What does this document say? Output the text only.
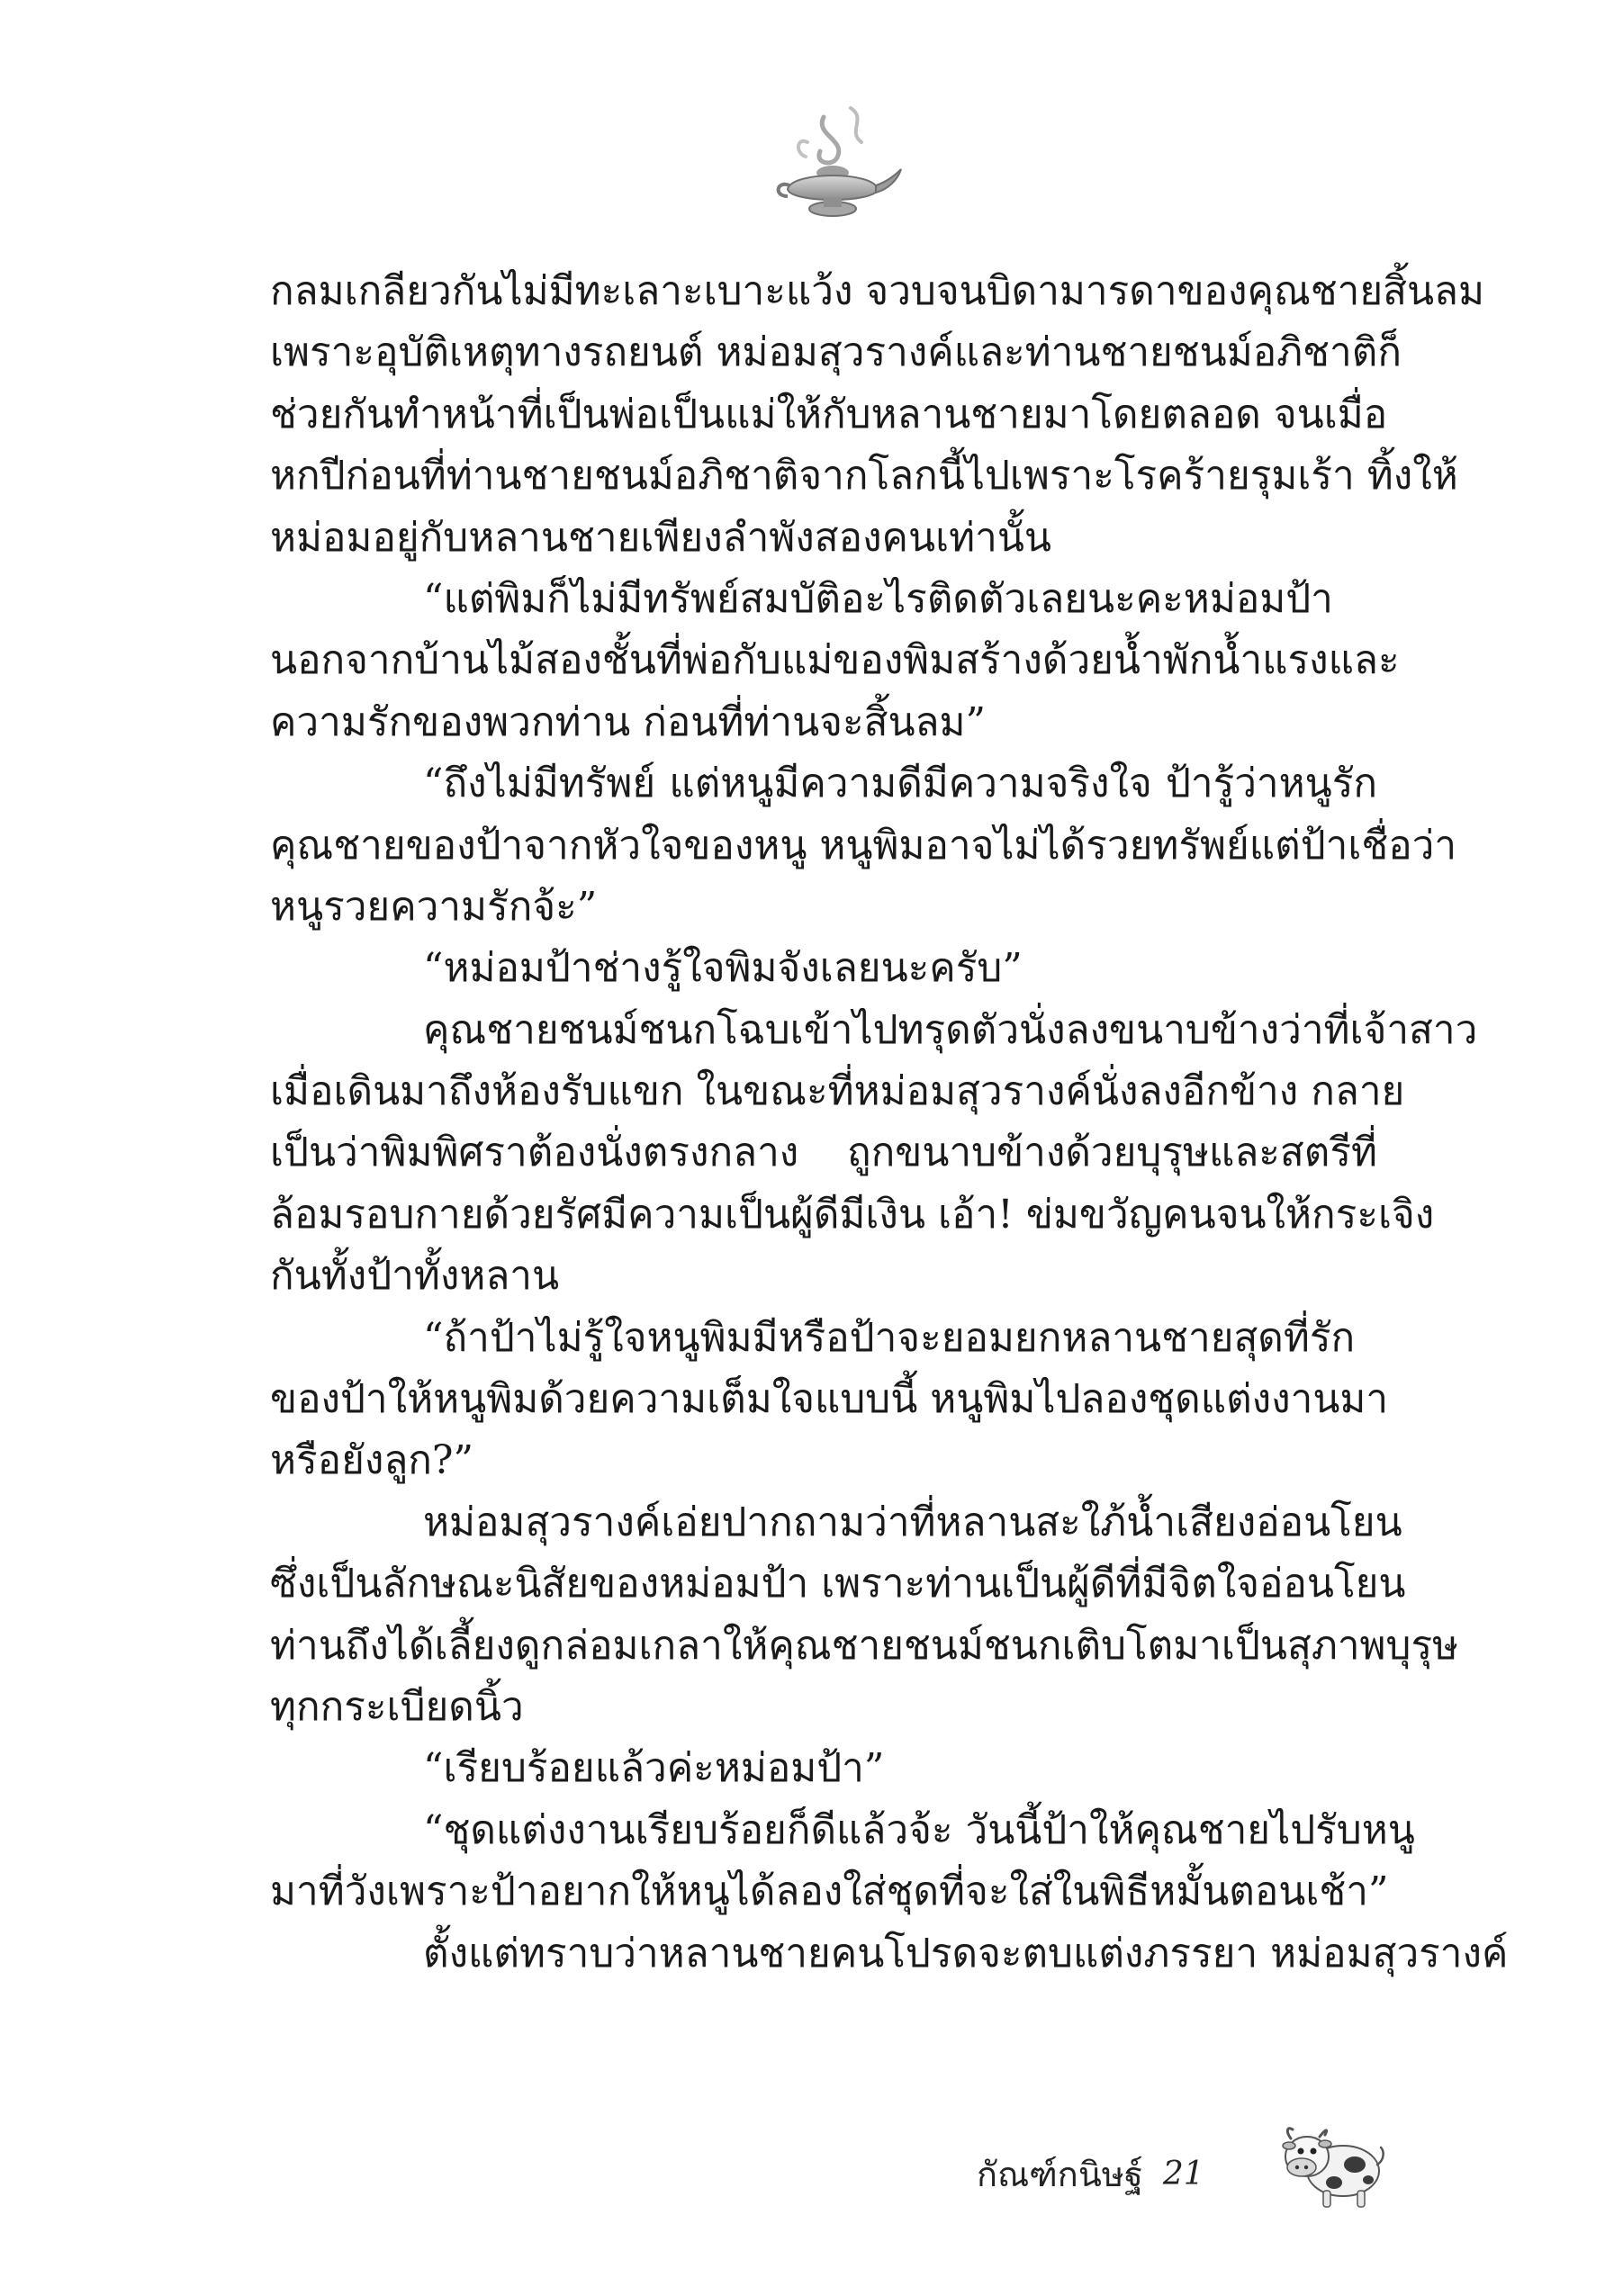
กลมเกลียวกันไม่มีทะเลาะเบาะแว้ง จวบจนบิดามารดาของคุณชายสิ้นลม
เพราะอุบัติเหตุทางรถยนต์ หม่อมสุวรางค์และท่านชายชนม์อภิชาติก็
ช่วยกันทำหน้าที่เป็นพ่อเป็นแม่ให้กับหลานชายมาโดยตลอด จนเมื่อ
หกปีก่อนที่ท่านชายชนม์อภิชาติจากโลกนี้ไปเพราะโรคร้ายรุมเร้า ทิ้งให้
หม่อมอยู่กับหลานชายเพียงลำพังสองคนเท่านั้น
“แต่พิมก็ไม่มีทรัพย์สมบัติอะไรติดตัวเลยนะคะหม่อมป้า
นอกจากบ้านไม้สองชั้นที่พ่อกับแม่ของพิมสร้างด้วยน้ำพักน้ำแรงและ
ความรักของพวกท่าน ก่อนที่ท่านจะสิ้นลม”
“ถึงไม่มีทรัพย์ แต่หนูมีความดีมีความจริงใจ ป้ารู้ว่าหนูรัก
คุณชายของป้าจากหัวใจของหนู หนูพิมอาจไม่ได้รวยทรัพย์แต่ป้าเชื่อว่า
หนูรวยความรักจ้ะ”
“หม่อมป้าช่างรู้ใจพิมจังเลยนะครับ”
คุณชายชนม์ชนกโฉบเข้าไปทรุดตัวนั่งลงขนาบข้างว่าที่เจ้าสาว
เมื่อเดินมาถึงห้องรับแขก ในขณะที่หม่อมสุวรางค์นั่งลงอีกข้าง กลาย
เป็นว่าพิมพิศราต้องนั่งตรงกลาง ถูกขนาบข้างด้วยบุรุษและสตรีที่
ล้อมรอบกายด้วยรัศมีความเป็นผู้ดีมีเงิน เอ้า! ข่มขวัญคนจนให้กระเจิง
กันทั้งป้าทั้งหลาน
“ถ้าป้าไม่รู้ใจหนูพิมมีหรือป้าจะยอมยกหลานชายสุดที่รัก
ของป้าให้หนูพิมด้วยความเต็มใจแบบนี้ หนูพิมไปลองชุดแต่งงานมา
หรือยังลูก?”
หม่อมสุวรางค์เอ่ยปากถามว่าที่หลานสะใภ้น้ำเสียงอ่อนโยน
ซึ่งเป็นลักษณะนิสัยของหม่อมป้า เพราะท่านเป็นผู้ดีที่มีจิตใจอ่อนโยน
ท่านถึงได้เลี้ยงดูกล่อมเกลาให้คุณชายชนม์ชนกเติบโตมาเป็นสุภาพบุรุษ
ทุกกระเบียดนิ้ว
“เรียบร้อยแล้วค่ะหม่อมป้า”
“ชุดแต่งงานเรียบร้อยก็ดีแล้วจ้ะ วันนี้ป้าให้คุณชายไปรับหนู
มาที่วังเพราะป้าอยากให้หนูได้ลองใส่ชุดที่จะใส่ในพิธีหมั้นตอนเช้า”
ตั้งแต่ทราบว่าหลานชายคนโปรดจะตบแต่งภรรยา หม่อมสุวรางค์
กัณฑ์กนิษฐ์ 21
